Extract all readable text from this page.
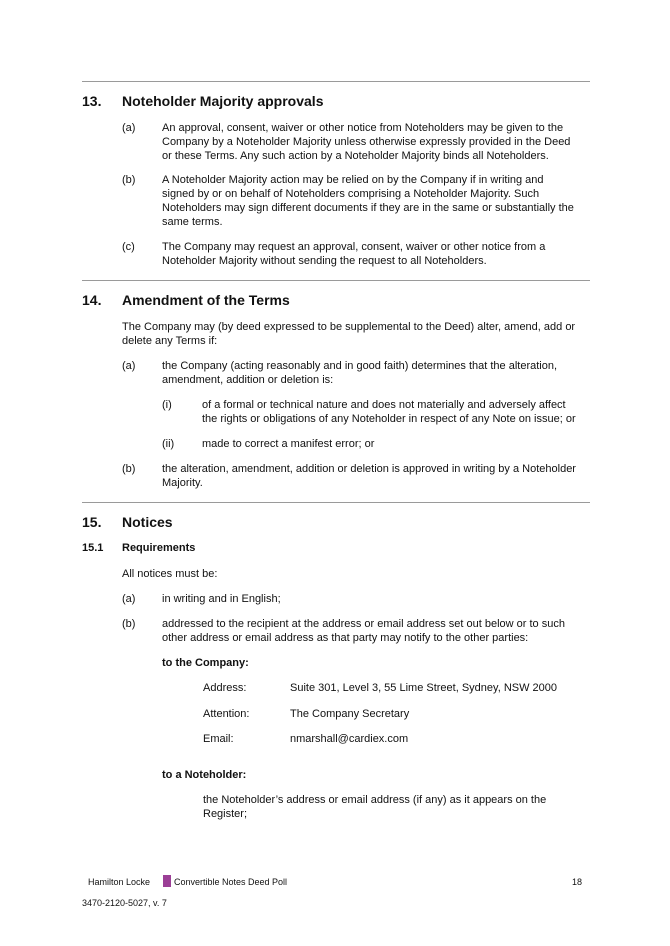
13. Noteholder Majority approvals
(a) An approval, consent, waiver or other notice from Noteholders may be given to the
Company by a Noteholder Majority unless otherwise expressly provided in the Deed
or these Terms. Any such action by a Noteholder Majority binds all Noteholders.
(b) A Noteholder Majority action may be relied on by the Company if in writing and
signed by or on behalf of Noteholders comprising a Noteholder Majority. Such
Noteholders may sign different documents if they are in the same or substantially the
same terms.
(c) The Company may request an approval, consent, waiver or other notice from a
Noteholder Majority without sending the request to all Noteholders.
14. Amendment of the Terms
The Company may (by deed expressed to be supplemental to the Deed) alter, amend, add or
delete any Terms if:
(a) the Company (acting reasonably and in good faith) determines that the alteration,
amendment, addition or deletion is:
(i)	of a formal or technical nature and does not materially and adversely affect
the rights or obligations of any Noteholder in respect of any Note on issue; or
(ii)	made to correct a manifest error; or
(b) the alteration, amendment, addition or deletion is approved in writing by a Noteholder
Majority.
15. Notices
15.1 Requirements
All notices must be:
(a) in writing and in English;
(b) addressed to the recipient at the address or email address set out below or to such
other address or email address as that party may notify to the other parties:
to the Company:
Address:	Suite 301, Level 3, 55 Lime Street, Sydney, NSW 2000
Attention:	The Company Secretary
Email:	nmarshall@cardiex.com
to a Noteholder:
the Noteholder’s address or email address (if any) as it appears on the
Register;
Hamilton Locke	Convertible Notes Deed Poll	18
3470-2120-5027, v. 7
